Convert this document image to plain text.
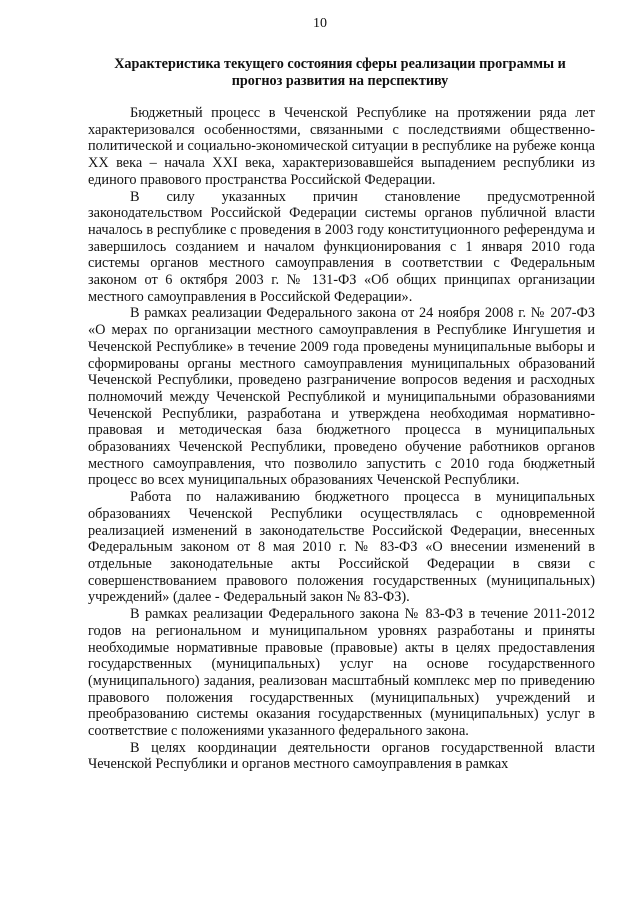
10
Характеристика текущего состояния сферы реализации программы и
прогноз развития на перспективу

Бюджетный процесс в Чеченской Республике на протяжении ряда лет характеризовался особенностями, связанными с последствиями общественно-политической и социально-экономической ситуации в республике на рубеже конца XX века – начала XXI века, характеризовавшейся выпадением республики из единого правового пространства Российской Федерации.

В силу указанных причин становление предусмотренной законодательством Российской Федерации системы органов публичной власти началось в республике с проведения в 2003 году конституционного референдума и завершилось созданием и началом функционирования с 1 января 2010 года системы органов местного самоуправления в соответствии с Федеральным законом от 6 октября 2003 г. № 131-ФЗ «Об общих принципах организации местного самоуправления в Российской Федерации».

В рамках реализации Федерального закона от 24 ноября 2008 г. № 207-ФЗ «О мерах по организации местного самоуправления в Республике Ингушетия и Чеченской Республике» в течение 2009 года проведены муниципальные выборы и сформированы органы местного самоуправления муниципальных образований Чеченской Республики, проведено разграничение вопросов ведения и расходных полномочий между Чеченской Республикой и муниципальными образованиями Чеченской Республики, разработана и утверждена необходимая нормативно-правовая и методическая база бюджетного процесса в муниципальных образованиях Чеченской Республики, проведено обучение работников органов местного самоуправления, что позволило запустить с 2010 года бюджетный процесс во всех муниципальных образованиях Чеченской Республики.

Работа по налаживанию бюджетного процесса в муниципальных образованиях Чеченской Республики осуществлялась с одновременной реализацией изменений в законодательстве Российской Федерации, внесенных Федеральным законом от 8 мая 2010 г. № 83-ФЗ «О внесении изменений в отдельные законодательные акты Российской Федерации в связи с совершенствованием правового положения государственных (муниципальных) учреждений» (далее - Федеральный закон № 83-ФЗ).

В рамках реализации Федерального закона № 83-ФЗ в течение 2011-2012 годов на региональном и муниципальном уровнях разработаны и приняты необходимые нормативные правовые (правовые) акты в целях предоставления государственных (муниципальных) услуг на основе государственного (муниципального) задания, реализован масштабный комплекс мер по приведению правового положения государственных (муниципальных) учреждений и преобразованию системы оказания государственных (муниципальных) услуг в соответствие с положениями указанного федерального закона.

В целях координации деятельности органов государственной власти Чеченской Республики и органов местного самоуправления в рамках
